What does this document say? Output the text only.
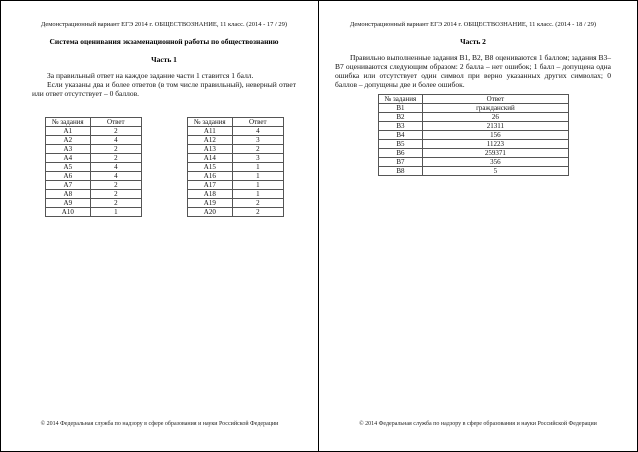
Демонстрационный вариант ЕГЭ 2014 г. ОБЩЕСТВОЗНАНИЕ, 11 класс. (2014 - 17 / 29)
Система оценивания экзаменационной работы по обществознанию
Часть 1

За правильный ответ на каждое задание части 1 ставится 1 балл.

Если указаны два и более ответов (в том числе правильный), неверный ответ или ответ отсутствует – 0 баллов.

№ задания	Ответ
А1	2
А2	4
А3	2
А4	2
А5	4
А6	4
А7	2
А8	2
А9	2
А10	1
№ задания	Ответ
А11	4
А12	3
А13	2
А14	3
А15	1
А16	1
А17	1
А18	1
А19	2
А20	2
© 2014 Федеральная служба по надзору в сфере образования и науки Российской Федерации
Демонстрационный вариант ЕГЭ 2014 г. ОБЩЕСТВОЗНАНИЕ, 11 класс. (2014 - 18 / 29)
Часть 2

Правильно выполненные задания В1, В2, В8 оцениваются 1 баллом; задания В3–В7 оцениваются следующим образом: 2 балла – нет ошибок; 1 балл – допущена одна ошибка или отсутствует один символ при верно указанных других символах; 0 баллов – допущены две и более ошибок.

№ задания	Ответ
В1	гражданский
В2	26
В3	21311
В4	156
В5	11223
В6	259371
В7	356
В8	5
© 2014 Федеральная служба по надзору в сфере образования и науки Российской Федерации
